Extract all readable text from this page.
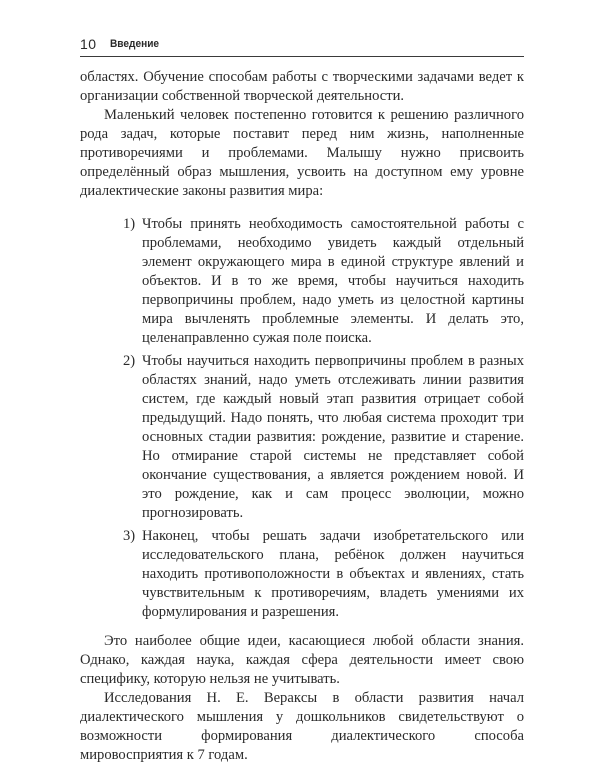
10 Введение

областях. Обучение способам работы с творческими задачами ведет к организации собственной творческой деятельности.

Маленький человек постепенно готовится к решению различного рода задач, которые поставит перед ним жизнь, наполненные противоречиями и проблемами. Малышу нужно присвоить определённый образ мышления, усвоить на доступном ему уровне диалектические законы развития мира:

1) Чтобы принять необходимость самостоятельной работы с проблемами, необходимо увидеть каждый отдельный элемент окружающего мира в единой структуре явлений и объектов. И в то же время, чтобы научиться находить первопричины проблем, надо уметь из целостной картины мира вычленять проблемные элементы. И делать это, целенаправленно сужая поле поиска.
2) Чтобы научиться находить первопричины проблем в разных областях знаний, надо уметь отслеживать линии развития систем, где каждый новый этап развития отрицает собой предыдущий. Надо понять, что любая система проходит три основных стадии развития: рождение, развитие и старение. Но отмирание старой системы не представляет собой окончание существования, а является рождением новой. И это рождение, как и сам процесс эволюции, можно прогнозировать.
3) Наконец, чтобы решать задачи изобретательского или исследовательского плана, ребёнок должен научиться находить противоположности в объектах и явлениях, стать чувствительным к противоречиям, владеть умениями их формулирования и разрешения.

Это наиболее общие идеи, касающиеся любой области знания. Однако, каждая наука, каждая сфера деятельности имеет свою специфику, которую нельзя не учитывать.

Исследования Н. Е. Веракcы в области развития начал диалектического мышления у дошкольников свидетельствуют о возможности формирования диалектического способа мировосприятия к 7 годам.
